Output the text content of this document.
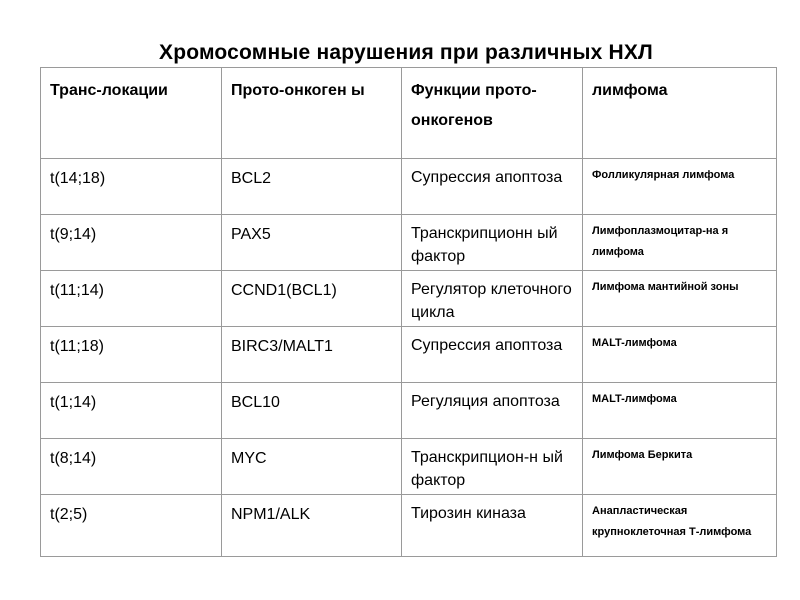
Хромосомные нарушения при различных НХЛ
Транс-локации	Прото-онкоген ы	Функции прото- онкогенов	лимфома
t(14;18)	BCL2	Супрессия апоптоза	Фолликулярная лимфома
t(9;14)	PAX5	Транскрипционн ый фактор	Лимфоплазмоцитар-на я лимфома
t(11;14)	CCND1(BCL1)	Регулятор клеточного цикла	Лимфома мантийной зоны
t(11;18)	BIRC3/MALT1	Супрессия апоптоза	MALT-лимфома
t(1;14)	BCL10	Регуляция апоптоза	MALT-лимфома
t(8;14)	MYC	Транскрипцион-н ый фактор	Лимфома Беркита
t(2;5)	NPM1/ALK	Тирозин киназа	Анапластическая крупноклеточная Т-лимфома
